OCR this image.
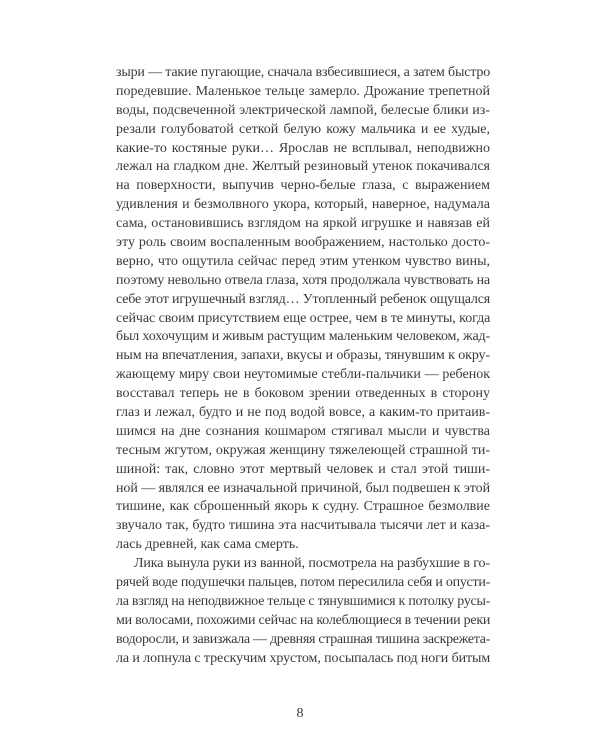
зыри — такие пугающие, сначала взбесившиеся, а затем быстро
поредевшие. Маленькое тельце замерло. Дрожание трепетной
воды, подсвеченной электрической лампой, белесые блики из-
резали голубоватой сеткой белую кожу мальчика и ее худые,
какие-то костяные руки… Ярослав не всплывал, неподвижно
лежал на гладком дне. Желтый резиновый утенок покачивался
на поверхности, выпучив черно-белые глаза, с выражением
удивления и безмолвного укора, который, наверное, надумала
сама, остановившись взглядом на яркой игрушке и навязав ей
эту роль своим воспаленным воображением, настолько досто-
верно, что ощутила сейчас перед этим утенком чувство вины,
поэтому невольно отвела глаза, хотя продолжала чувствовать на
себе этот игрушечный взгляд… Утопленный ребенок ощущался
сейчас своим присутствием еще острее, чем в те минуты, когда
был хохочущим и живым растущим маленьким человеком, жад-
ным на впечатления, запахи, вкусы и образы, тянувшим к окру-
жающему миру свои неутомимые стебли-пальчики — ребенок
восставал теперь не в боковом зрении отведенных в сторону
глаз и лежал, будто и не под водой вовсе, а каким-то притаив-
шимся на дне сознания кошмаром стягивал мысли и чувства
тесным жгутом, окружая женщину тяжелеющей страшной ти-
шиной: так, словно этот мертвый человек и стал этой тиши-
ной — являлся ее изначальной причиной, был подвешен к этой
тишине, как сброшенный якорь к судну. Страшное безмолвие
звучало так, будто тишина эта насчитывала тысячи лет и каза-
лась древней, как сама смерть.
Лика вынула руки из ванной, посмотрела на разбухшие в го-
рячей воде подушечки пальцев, потом пересилила себя и опусти-
ла взгляд на неподвижное тельце с тянувшимися к потолку русы-
ми волосами, похожими сейчас на колеблющиеся в течении реки
водоросли, и завизжала — древняя страшная тишина заскрежета-
ла и лопнула с трескучим хрустом, посыпалась под ноги битым
8
